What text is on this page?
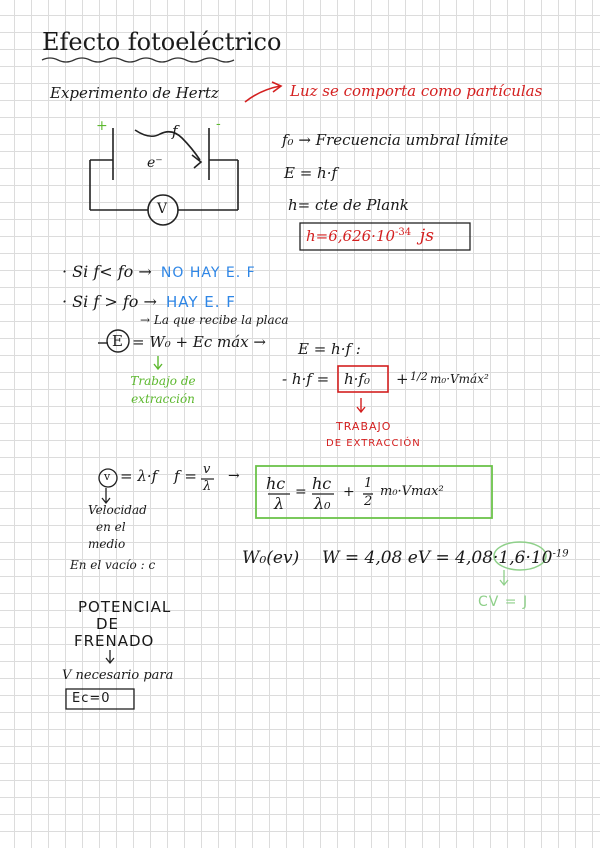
Efecto fotoeléctrico
Experimento de Hertz	Luz se comporta como partículas
+	-
f
e⁻
V
f₀ → Frecuencia umbral límite
E = h·f
h= cte de Plank
$h=6,626\cdot 10^{-34}$ js
· Si f< fo → NO HAY E. F
· Si f > fo → HAY E. F
→ La que recibe la placa
E = W₀ + Ec máx → E = h·f :
Trabajo de extracción
- h·f = h·f₀ + 1/2 m₀·Vmáx²
TRABAJO
DE EXTRACCIÓN
v = λ·f f = v
λ
→
Velocidad
en el
medio
En el vacío : c
hc
λ
= hc
λ₀
+
1
2
m₀·Vmax²
W₀(ev) W = 4,08 eV = $4,08\cdot 1,6\cdot 10^{-19}$
CV = J
POTENCIAL
DE
FRENADO
V necesario para
Ec=0
